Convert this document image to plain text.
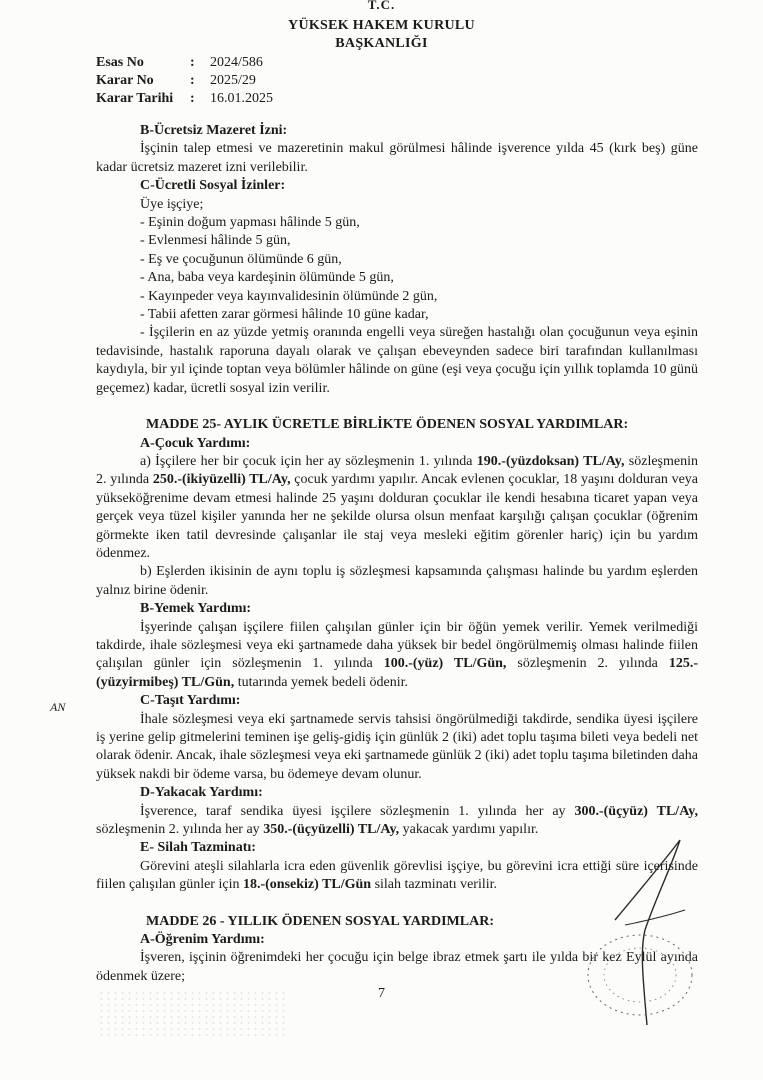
T.C.
YÜKSEK HAKEM KURULU
BAŞKANLIĞI
Esas No	: 2024/586
Karar No	: 2025/29
Karar Tarihi : 16.01.2025

B-Ücretsiz Mazeret İzni:

İşçinin talep etmesi ve mazeretinin makul görülmesi hâlinde işverence yılda 45 (kırk beş) güne kadar ücretsiz mazeret izni verilebilir.

C-Ücretli Sosyal İzinler:

Üye işçiye;

- Eşinin doğum yapması hâlinde 5 gün,

- Evlenmesi hâlinde 5 gün,

- Eş ve çocuğunun ölümünde 6 gün,

- Ana, baba veya kardeşinin ölümünde 5 gün,

- Kayınpeder veya kayınvalidesinin ölümünde 2 gün,

- Tabii afetten zarar görmesi hâlinde 10 güne kadar,

- İşçilerin en az yüzde yetmiş oranında engelli veya süreğen hastalığı olan çocuğunun veya eşinin tedavisinde, hastalık raporuna dayalı olarak ve çalışan ebeveynden sadece biri tarafından kullanılması kaydıyla, bir yıl içinde toptan veya bölümler hâlinde on güne (eşi veya çocuğu için yıllık toplamda 10 günü geçemez) kadar, ücretli sosyal izin verilir.

MADDE 25- AYLIK ÜCRETLE BİRLİKTE ÖDENEN SOSYAL YARDIMLAR:

A-Çocuk Yardımı:

a) İşçilere her bir çocuk için her ay sözleşmenin 1. yılında 190.-(yüzdoksan) TL/Ay, sözleşmenin 2. yılında 250.-(ikiyüzelli) TL/Ay, çocuk yardımı yapılır. Ancak evlenen çocuklar, 18 yaşını dolduran veya yükseköğrenime devam etmesi halinde 25 yaşını dolduran çocuklar ile kendi hesabına ticaret yapan veya gerçek veya tüzel kişiler yanında her ne şekilde olursa olsun menfaat karşılığı çalışan çocuklar (öğrenim görmekte iken tatil devresinde çalışanlar ile staj veya mesleki eğitim görenler hariç) için bu yardım ödenmez.

b) Eşlerden ikisinin de aynı toplu iş sözleşmesi kapsamında çalışması halinde bu yardım eşlerden yalnız birine ödenir.

B-Yemek Yardımı:

İşyerinde çalışan işçilere fiilen çalışılan günler için bir öğün yemek verilir. Yemek verilmediği takdirde, ihale sözleşmesi veya eki şartnamede daha yüksek bir bedel öngörülmemiş olması halinde fiilen çalışılan günler için sözleşmenin 1. yılında 100.-(yüz) TL/Gün, sözleşmenin 2. yılında 125.-(yüzyirmibeş) TL/Gün, tutarında yemek bedeli ödenir.

C-Taşıt Yardımı:

İhale sözleşmesi veya eki şartnamede servis tahsisi öngörülmediği takdirde, sendika üyesi işçilere iş yerine gelip gitmelerini teminen işe geliş-gidiş için günlük 2 (iki) adet toplu taşıma bileti veya bedeli net olarak ödenir. Ancak, ihale sözleşmesi veya eki şartnamede günlük 2 (iki) adet toplu taşıma biletinden daha yüksek nakdi bir ödeme varsa, bu ödemeye devam olunur.

D-Yakacak Yardımı:

İşverence, taraf sendika üyesi işçilere sözleşmenin 1. yılında her ay 300.-(üçyüz) TL/Ay, sözleşmenin 2. yılında her ay 350.-(üçyüzelli) TL/Ay, yakacak yardımı yapılır.

E- Silah Tazminatı:

Görevini ateşli silahlarla icra eden güvenlik görevlisi işçiye, bu görevini icra ettiği süre içerisinde fiilen çalışılan günler için 18.-(onsekiz) TL/Gün silah tazminatı verilir.

MADDE 26 - YILLIK ÖDENEN SOSYAL YARDIMLAR:

A-Öğrenim Yardımı:

İşveren, işçinin öğrenimdeki her çocuğu için belge ibraz etmek şartı ile yılda bir kez Eylül ayında ödenmek üzere;

AN
7
